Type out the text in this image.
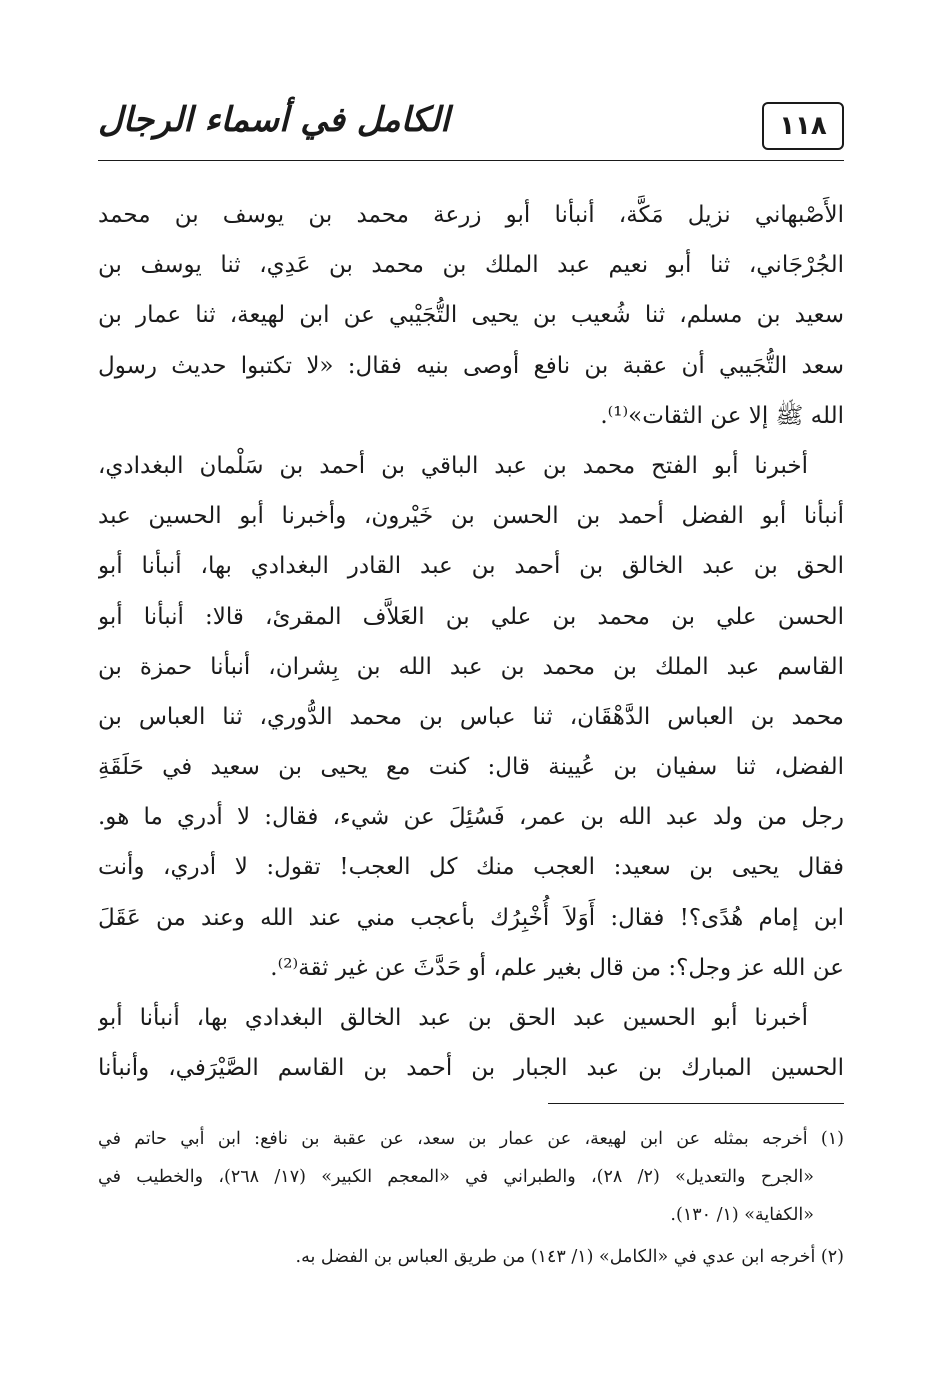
الكامل في أسماء الرجال	١١٨
الأَصْبهاني نزيل مَكَّة، أنبأنا أبو زرعة محمد بن يوسف بن محمد
الجُرْجَاني، ثنا أبو نعيم عبد الملك بن محمد بن عَدِي، ثنا يوسف بن
سعيد بن مسلم، ثنا شُعيب بن يحيى التُّجَيْبي عن ابن لهيعة، ثنا عمار بن
سعد التُّجَيبي أن عقبة بن نافع أوصى بنيه فقال: «لا تكتبوا حديث رسول
الله ﷺ إلا عن الثقات»⁽¹⁾.
أخبرنا أبو الفتح محمد بن عبد الباقي بن أحمد بن سَلْمان البغدادي،
أنبأنا أبو الفضل أحمد بن الحسن بن خَيْرون، وأخبرنا أبو الحسين عبد
الحق بن عبد الخالق بن أحمد بن عبد القادر البغدادي بها، أنبأنا أبو
الحسن علي بن محمد بن علي بن العَلاَّف المقرئ، قالا: أنبأنا أبو
القاسم عبد الملك بن محمد بن عبد الله بن بِشران، أنبأنا حمزة بن
محمد بن العباس الدَّهْقَان، ثنا عباس بن محمد الدُّوري، ثنا العباس بن
الفضل، ثنا سفيان بن عُيينة قال: كنت مع يحيى بن سعيد في حَلَقَةِ
رجل من ولد عبد الله بن عمر، فَسُئِلَ عن شيء، فقال: لا أدري ما هو.
فقال يحيى بن سعيد: العجب منك كل العجب! تقول: لا أدري، وأنت
ابن إمام هُدًى؟! فقال: أَوَلاَ أُخْبِرُك بأعجب مني عند الله وعند من عَقَلَ
عن الله عز وجل؟: من قال بغير علم، أو حَدَّثَ عن غير ثقة⁽²⁾.
أخبرنا أبو الحسين عبد الحق بن عبد الخالق البغدادي بها، أنبأنا أبو
الحسين المبارك بن عبد الجبار بن أحمد بن القاسم الصَّيْرَفي، وأنبأنا
(١) أخرجه بمثله عن ابن لهيعة، عن عمار بن سعد، عن عقبة بن نافع: ابن أبي حاتم في
«الجرح والتعديل» (٢/ ٢٨)، والطبراني في «المعجم الكبير» (١٧/ ٢٦٨)، والخطيب في
«الكفاية» (١/ ١٣٠).
(٢) أخرجه ابن عدي في «الكامل» (١/ ١٤٣) من طريق العباس بن الفضل به.
